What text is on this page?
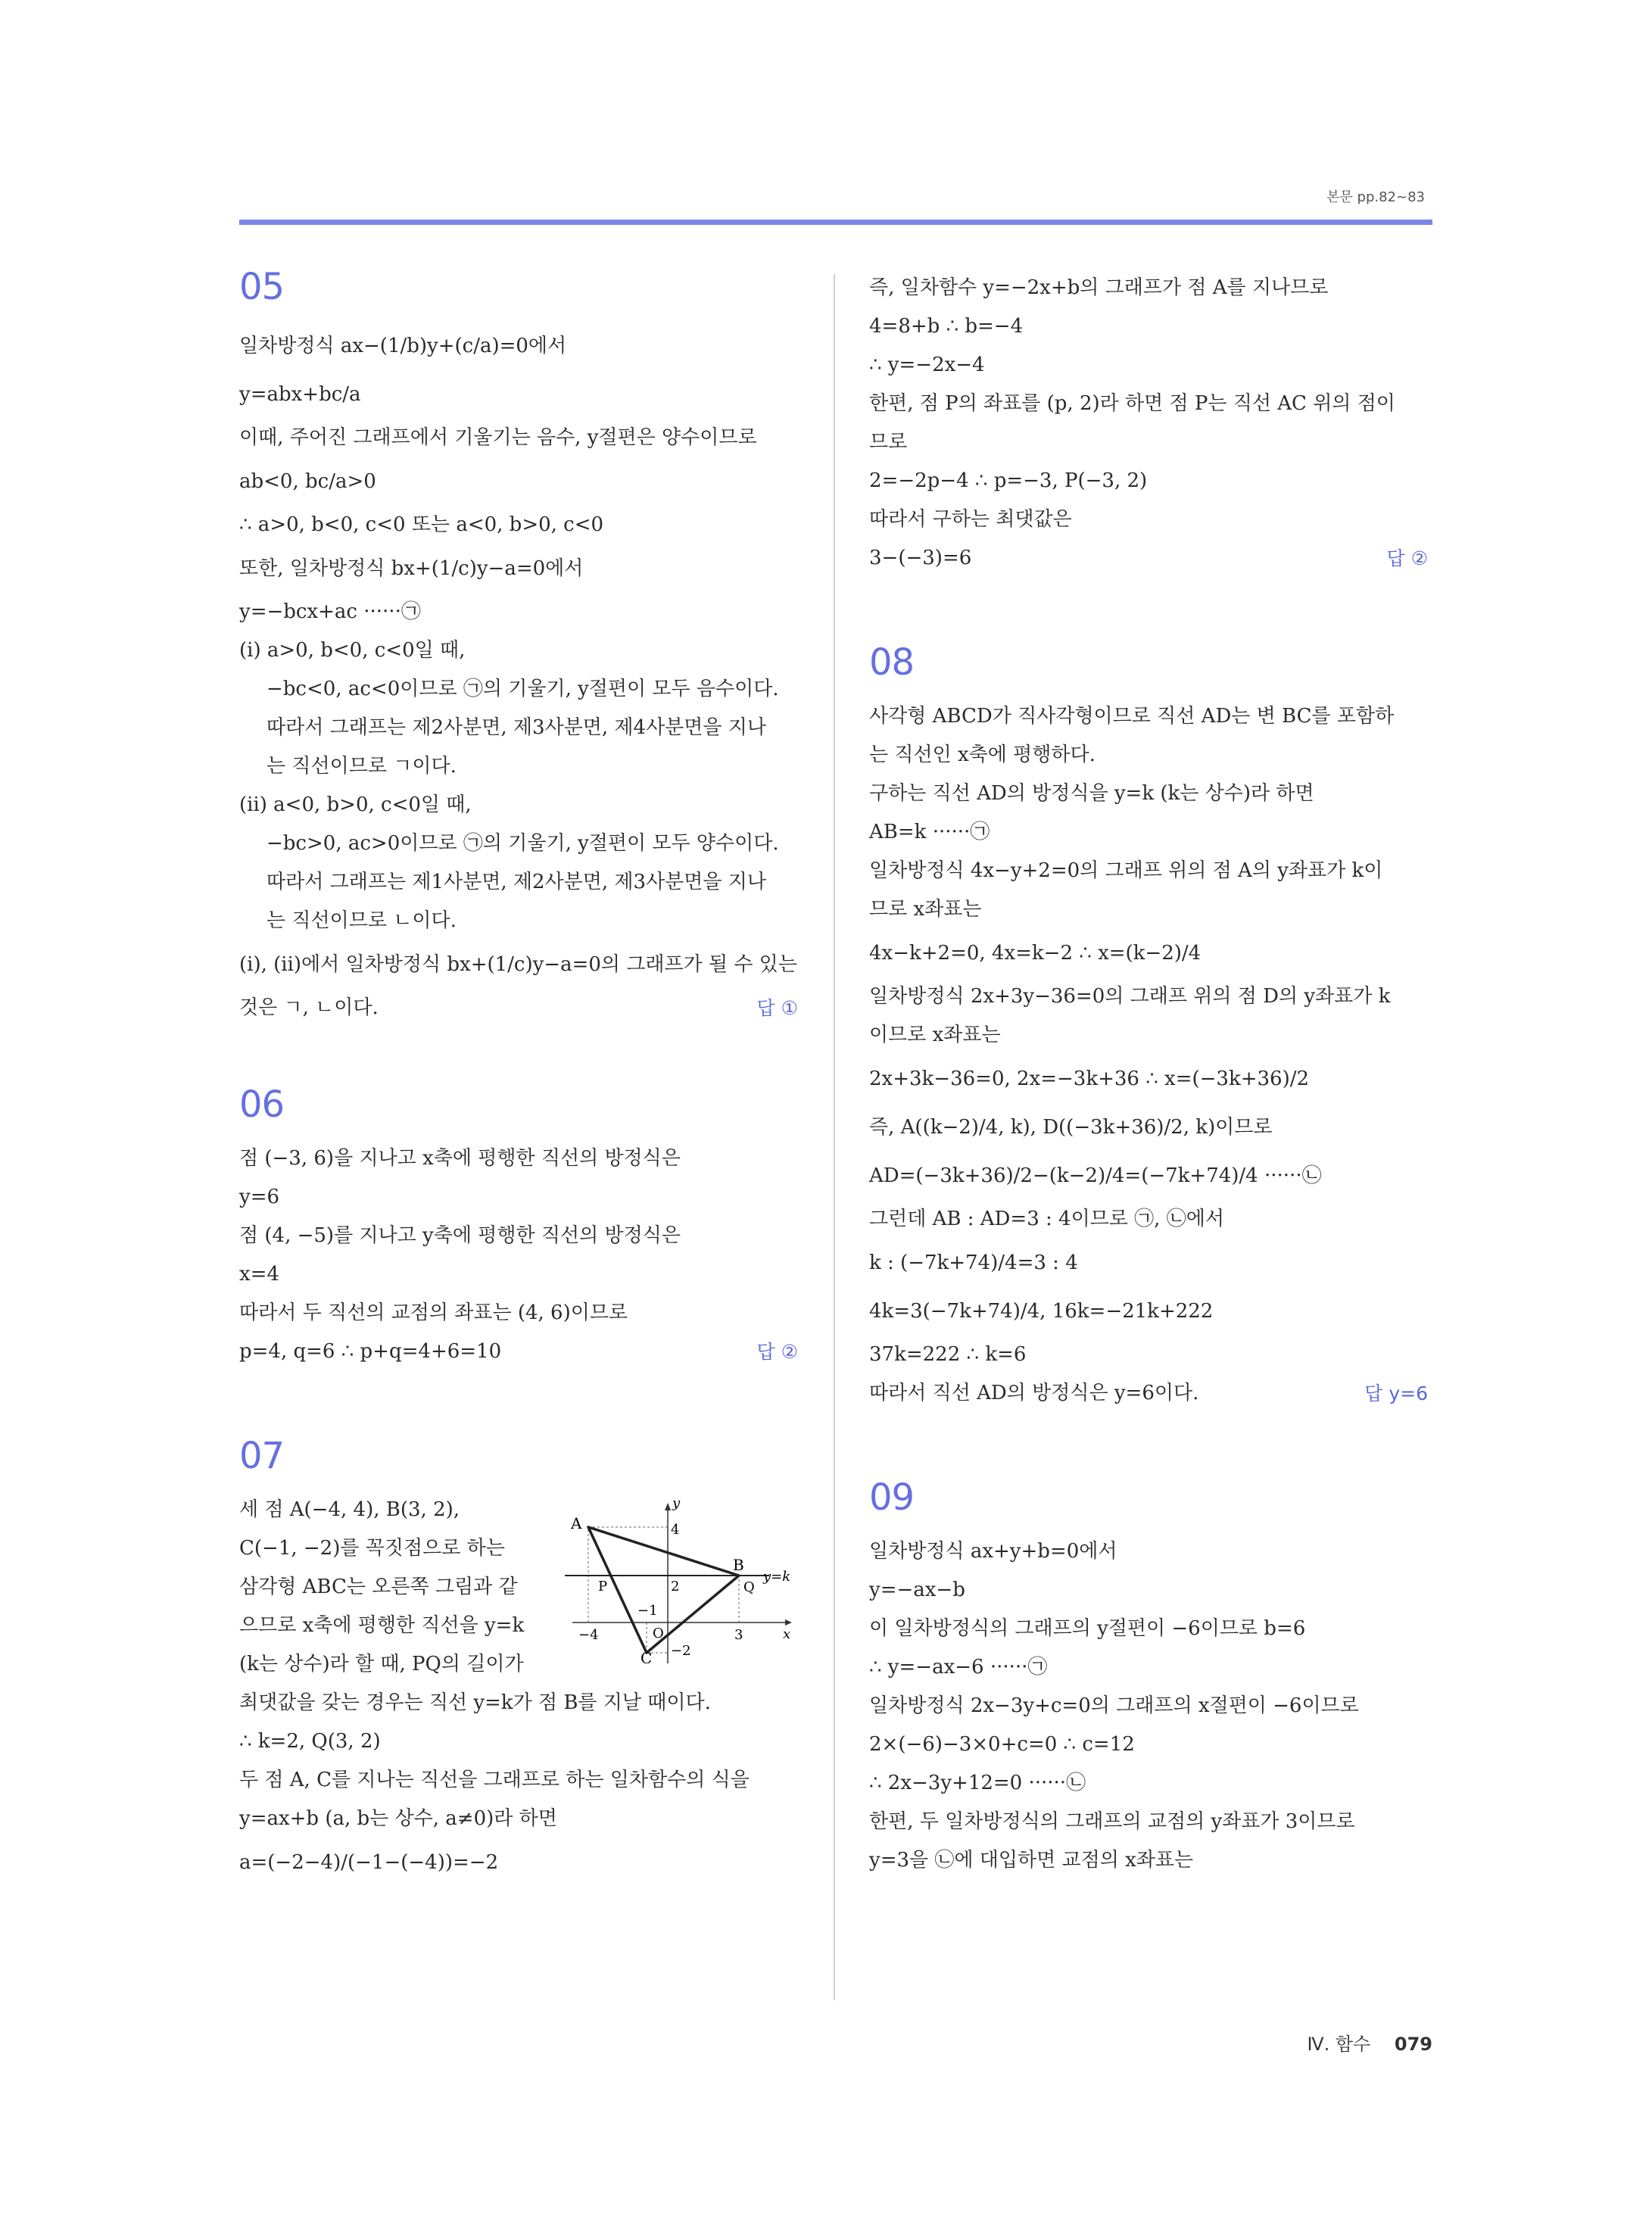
본문 pp.82~83
05
일차방정식 ax−(1/b)y+(c/a)=0에서
y=abx+bc/a
이때, 주어진 그래프에서 기울기는 음수, y절편은 양수이므로
ab<0, bc/a>0
∴ a>0, b<0, c<0 또는 a<0, b>0, c<0
또한, 일차방정식 bx+(1/c)y−a=0에서
y=−bcx+ac ······㉠
(ⅰ) a>0, b<0, c<0일 때,
−bc<0, ac<0이므로 ㉠의 기울기, y절편이 모두 음수이다.
따라서 그래프는 제2사분면, 제3사분면, 제4사분면을 지나
는 직선이므로 ㄱ이다.
(ⅱ) a<0, b>0, c<0일 때,
−bc>0, ac>0이므로 ㉠의 기울기, y절편이 모두 양수이다.
따라서 그래프는 제1사분면, 제2사분면, 제3사분면을 지나
는 직선이므로 ㄴ이다.
(ⅰ), (ⅱ)에서 일차방정식 bx+(1/c)y−a=0의 그래프가 될 수 있는
것은 ㄱ, ㄴ이다.	답 ①
06
점 (−3, 6)을 지나고 x축에 평행한 직선의 방정식은
y=6
점 (4, −5)를 지나고 y축에 평행한 직선의 방정식은
x=4
따라서 두 직선의 교점의 좌표는 (4, 6)이므로
p=4, q=6 ∴ p+q=4+6=10	답 ②
07
y
A	4
B
y=k
P	2	Q
−1
−4	O	3	x
C −2
세 점 A(−4, 4), B(3, 2),
C(−1, −2)를 꼭짓점으로 하는
삼각형 ABC는 오른쪽 그림과 같
으므로 x축에 평행한 직선을 y=k
(k는 상수)라 할 때, PQ의 길이가
최댓값을 갖는 경우는 직선 y=k가 점 B를 지날 때이다.
∴ k=2, Q(3, 2)
두 점 A, C를 지나는 직선을 그래프로 하는 일차함수의 식을
y=ax+b (a, b는 상수, a≠0)라 하면
a=(−2−4)/(−1−(−4))=−2
즉, 일차함수 y=−2x+b의 그래프가 점 A를 지나므로
4=8+b ∴ b=−4
∴ y=−2x−4
한편, 점 P의 좌표를 (p, 2)라 하면 점 P는 직선 AC 위의 점이
므로
2=−2p−4 ∴ p=−3, P(−3, 2)
따라서 구하는 최댓값은
3−(−3)=6	답 ②
08
사각형 ABCD가 직사각형이므로 직선 AD는 변 BC를 포함하
는 직선인 x축에 평행하다.
구하는 직선 AD의 방정식을 y=k (k는 상수)라 하면
AB=k ······㉠
일차방정식 4x−y+2=0의 그래프 위의 점 A의 y좌표가 k이
므로 x좌표는
4x−k+2=0, 4x=k−2 ∴ x=(k−2)/4
일차방정식 2x+3y−36=0의 그래프 위의 점 D의 y좌표가 k
이므로 x좌표는
2x+3k−36=0, 2x=−3k+36 ∴ x=(−3k+36)/2
즉, A((k−2)/4, k), D((−3k+36)/2, k)이므로
AD=(−3k+36)/2−(k−2)/4=(−7k+74)/4 ······㉡
그런데 AB : AD=3 : 4이므로 ㉠, ㉡에서
k : (−7k+74)/4=3 : 4
4k=3(−7k+74)/4, 16k=−21k+222
37k=222 ∴ k=6
따라서 직선 AD의 방정식은 y=6이다.	답 y=6
09
일차방정식 ax+y+b=0에서
y=−ax−b
이 일차방정식의 그래프의 y절편이 −6이므로 b=6
∴ y=−ax−6 ······㉠
일차방정식 2x−3y+c=0의 그래프의 x절편이 −6이므로
2×(−6)−3×0+c=0 ∴ c=12
∴ 2x−3y+12=0 ······㉡
한편, 두 일차방정식의 그래프의 교점의 y좌표가 3이므로
y=3을 ㉡에 대입하면 교점의 x좌표는
Ⅳ. 함수 079
